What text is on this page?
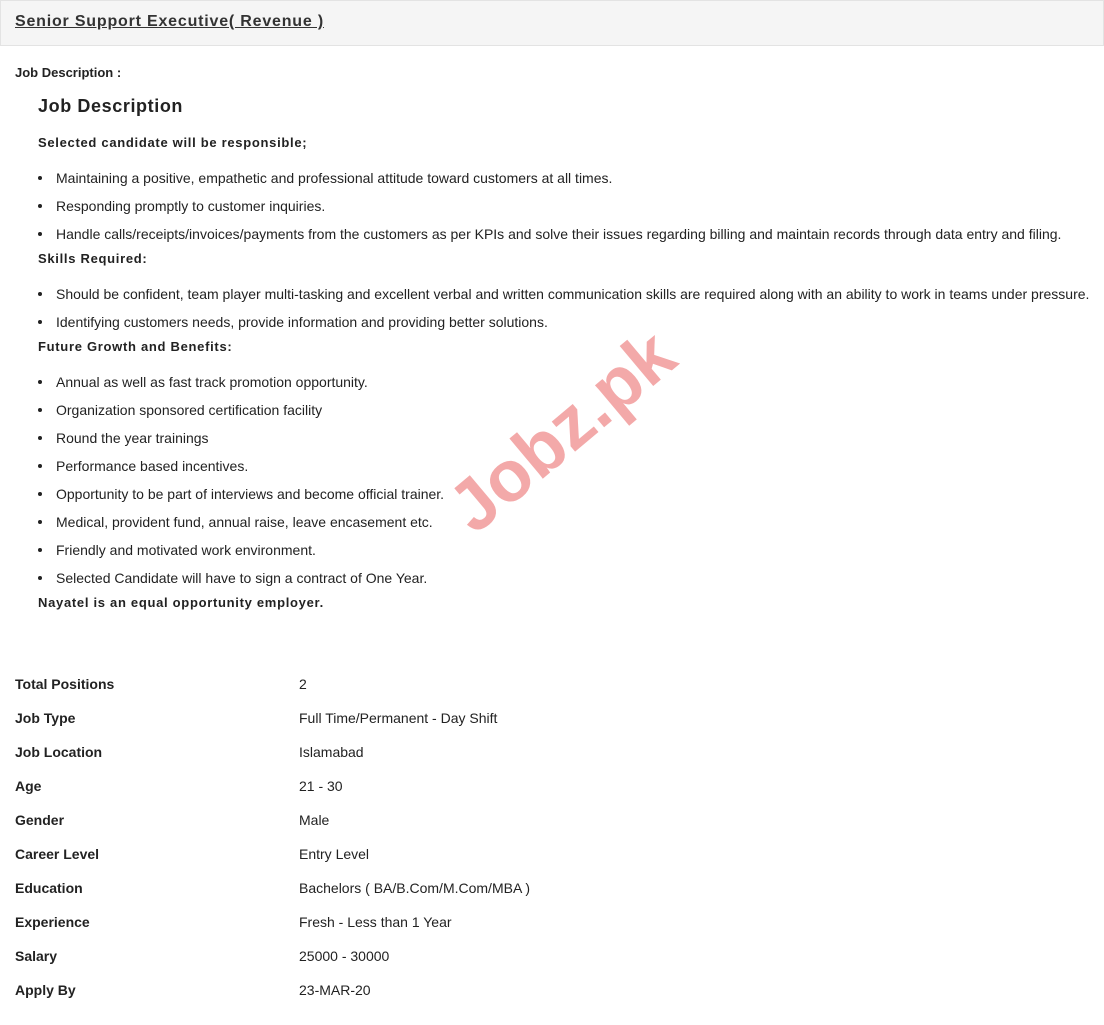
Senior Support Executive( Revenue )
Job Description :
Job Description
Selected candidate will be responsible;
Maintaining a positive, empathetic and professional attitude toward customers at all times.
Responding promptly to customer inquiries.
Handle calls/receipts/invoices/payments from the customers as per KPIs and solve their issues regarding billing and maintain records through data entry and filing.
Skills Required:
Should be confident, team player multi-tasking and excellent verbal and written communication skills are required along with an ability to work in teams under pressure.
Identifying customers needs, provide information and providing better solutions.
Future Growth and Benefits:
Annual as well as fast track promotion opportunity.
Organization sponsored certification facility
Round the year trainings
Performance based incentives.
Opportunity to be part of interviews and become official trainer.
Medical, provident fund, annual raise, leave encasement etc.
Friendly and motivated work environment.
Selected Candidate will have to sign a contract of One Year.
Nayatel is an equal opportunity employer.
Jobz.pk
Total Positions	2
Job Type	Full Time/Permanent - Day Shift
Job Location	Islamabad
Age	21 - 30
Gender	Male
Career Level	Entry Level
Education	Bachelors ( BA/B.Com/M.Com/MBA )
Experience	Fresh - Less than 1 Year
Salary	25000 - 30000
Apply By	23-MAR-20
